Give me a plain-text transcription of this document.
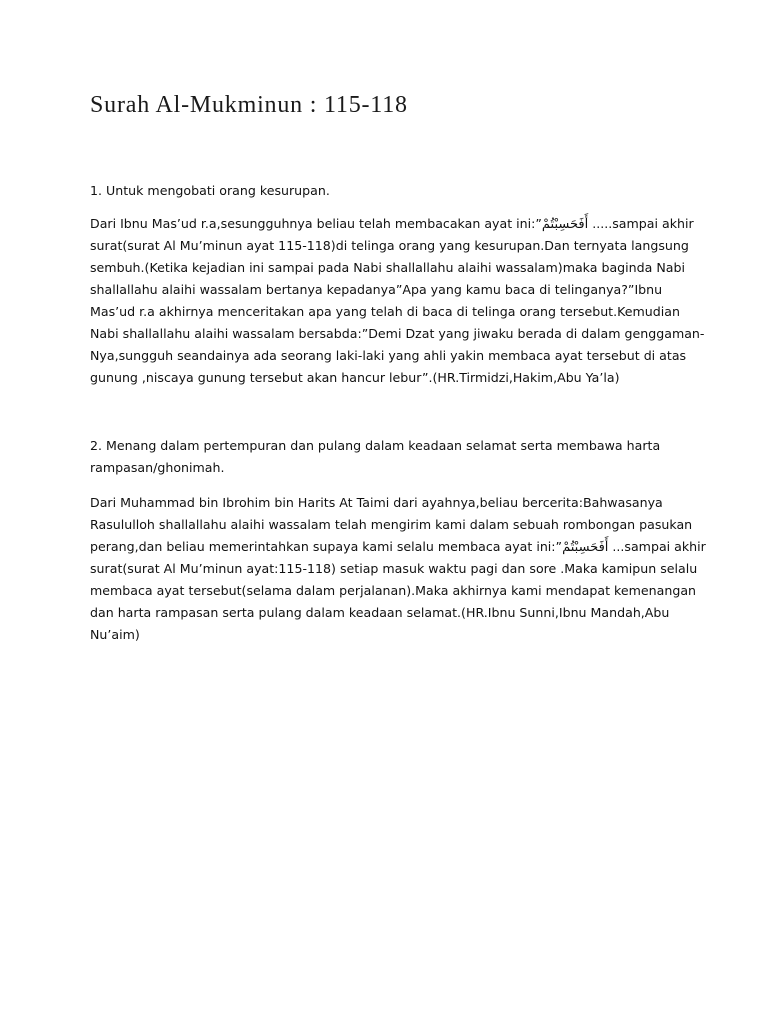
Surah Al-Mukminun : 115-118

1. Untuk mengobati orang kesurupan.

Dari Ibnu Mas’ud r.a,sesungguhnya beliau telah membacakan ayat ini:”أَفَحَسِبْتُمْ .....sampai akhir

surat(surat Al Mu’minun ayat 115-118)di telinga orang yang kesurupan.Dan ternyata langsung

sembuh.(Ketika kejadian ini sampai pada Nabi shallallahu alaihi wassalam)maka baginda Nabi

shallallahu alaihi wassalam bertanya kepadanya”Apa yang kamu baca di telinganya?”Ibnu

Mas’ud r.a akhirnya menceritakan apa yang telah di baca di telinga orang tersebut.Kemudian

Nabi shallallahu alaihi wassalam bersabda:”Demi Dzat yang jiwaku berada di dalam genggaman-

Nya,sungguh seandainya ada seorang laki-laki yang ahli yakin membaca ayat tersebut di atas

gunung ,niscaya gunung tersebut akan hancur lebur”.(HR.Tirmidzi,Hakim,Abu Ya’la)

2. Menang dalam pertempuran dan pulang dalam keadaan selamat serta membawa harta

rampasan/ghonimah.

Dari Muhammad bin Ibrohim bin Harits At Taimi dari ayahnya,beliau bercerita:Bahwasanya

Rasululloh shallallahu alaihi wassalam telah mengirim kami dalam sebuah rombongan pasukan

perang,dan beliau memerintahkan supaya kami selalu membaca ayat ini:”أَفَحَسِبْتُمْ ...sampai akhir

surat(surat Al Mu’minun ayat:115-118) setiap masuk waktu pagi dan sore .Maka kamipun selalu

membaca ayat tersebut(selama dalam perjalanan).Maka akhirnya kami mendapat kemenangan

dan harta rampasan serta pulang dalam keadaan selamat.(HR.Ibnu Sunni,Ibnu Mandah,Abu

Nu’aim)
